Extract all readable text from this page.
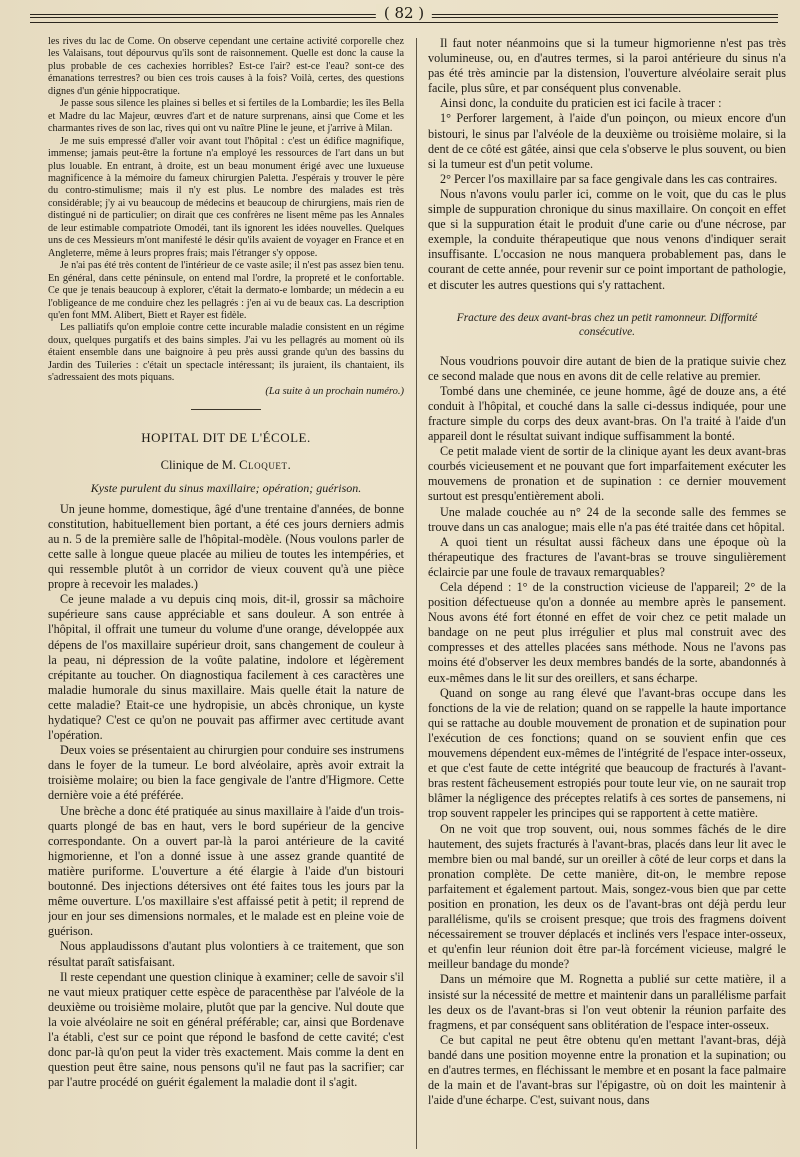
( 82 )

les rives du lac de Come. On observe cependant une certaine activité corporelle chez les Valaisans, tout dépourvus qu'ils sont de raisonnement. Quelle est donc la cause la plus probable de ces cachexies horribles? Est-ce l'air? est-ce l'eau? sont-ce des émanations terrestres? ou bien ces trois causes à la fois? Voilà, certes, des questions dignes d'un génie hippocratique.

Je passe sous silence les plaines si belles et si fertiles de la Lombardie; les îles Bella et Madre du lac Majeur, œuvres d'art et de nature surprenans, ainsi que Come et les charmantes rives de son lac, rives qui ont vu naître Pline le jeune, et j'arrive à Milan.

Je me suis empressé d'aller voir avant tout l'hôpital : c'est un édifice magnifique, immense; jamais peut-être la fortune n'a employé les ressources de l'art dans un but plus louable. En entrant, à droite, est un beau monument érigé avec une luxueuse magnificence à la mémoire du fameux chirurgien Paletta. J'espérais y trouver le père du contro-stimulisme; mais il n'y est plus. Le nombre des malades est très considérable; j'y ai vu beaucoup de médecins et beaucoup de chirurgiens, mais rien de distingué ni de particulier; on dirait que ces confrères ne lisent même pas les Annales de leur estimable compatriote Omodéi, tant ils ignorent les idées nouvelles. Quelques uns de ces Messieurs m'ont manifesté le désir qu'ils avaient de voyager en France et en Angleterre, même à leurs propres frais; mais l'étranger s'y oppose.

Je n'ai pas été très content de l'intérieur de ce vaste asile; il n'est pas assez bien tenu. En général, dans cette péninsule, on entend mal l'ordre, la propreté et le confortable. Ce que je tenais beaucoup à explorer, c'était la dermato-e lombarde; un médecin a eu l'obligeance de me conduire chez les pellagrés : j'en ai vu de beaux cas. La description qu'en font MM. Alibert, Biett et Rayer est fidèle.

Les palliatifs qu'on emploie contre cette incurable maladie consistent en un régime doux, quelques purgatifs et des bains simples. J'ai vu les pellagrés au moment où ils étaient ensemble dans une baignoire à peu près aussi grande qu'un des bassins du Jardin des Tuileries : c'était un spectacle intéressant; ils juraient, ils chantaient, ils s'adressaient des mots piquans.

(La suite à un prochain numéro.)
HOPITAL DIT DE L'ÉCOLE.
Clinique de M. Cloquet.
Kyste purulent du sinus maxillaire; opération; guérison.

Un jeune homme, domestique, âgé d'une trentaine d'années, de bonne constitution, habituellement bien portant, a été ces jours derniers admis au n. 5 de la première salle de l'hôpital-modèle. (Nous voulons parler de cette salle à longue queue placée au milieu de toutes les intempéries, et qui ressemble plutôt à un corridor de vieux couvent qu'à une pièce propre à recevoir les malades.)

Ce jeune malade a vu depuis cinq mois, dit-il, grossir sa mâchoire supérieure sans cause appréciable et sans douleur. A son entrée à l'hôpital, il offrait une tumeur du volume d'une orange, développée aux dépens de l'os maxillaire supérieur droit, sans changement de couleur à la peau, ni dépression de la voûte palatine, indolore et légèrement crépitante au toucher. On diagnostiqua facilement à ces caractères une maladie humorale du sinus maxillaire. Mais quelle était la nature de cette maladie? Etait-ce une hydropisie, un abcès chronique, un kyste hydatique? C'est ce qu'on ne pouvait pas affirmer avec certitude avant l'opération.

Deux voies se présentaient au chirurgien pour conduire ses instrumens dans le foyer de la tumeur. Le bord alvéolaire, après avoir extrait la troisième molaire; ou bien la face gengivale de l'antre d'Higmore. Cette dernière voie a été préférée.

Une brèche a donc été pratiquée au sinus maxillaire à l'aide d'un trois-quarts plongé de bas en haut, vers le bord supérieur de la gencive correspondante. On a ouvert par-là la paroi antérieure de la cavité higmorienne, et l'on a donné issue à une assez grande quantité de matière puriforme. L'ouverture a été élargie à l'aide d'un bistouri boutonné. Des injections détersives ont été faites tous les jours par la même ouverture. L'os maxillaire s'est affaissé petit à petit; il reprend de jour en jour ses dimensions normales, et le malade est en pleine voie de guérison.

Nous applaudissons d'autant plus volontiers à ce traitement, que son résultat paraît satisfaisant.

Il reste cependant une question clinique à examiner; celle de savoir s'il ne vaut mieux pratiquer cette espèce de paracenthèse par l'alvéole de la deuxième ou troisième molaire, plutôt que par la gencive. Nul doute que la voie alvéolaire ne soit en général préférable; car, ainsi que Bordenave l'a établi, c'est sur ce point que répond le basfond de cette cavité; c'est donc par-là qu'on peut la vider très exactement. Mais comme la dent en question peut être saine, nous pensons qu'il ne faut pas la sacrifier; car par l'autre procédé on guérit également la maladie dont il s'agit.

Il faut noter néanmoins que si la tumeur higmorienne n'est pas très volumineuse, ou, en d'autres termes, si la paroi antérieure du sinus n'a pas été très amincie par la distension, l'ouverture alvéolaire serait plus facile, plus sûre, et par conséquent plus convenable.

Ainsi donc, la conduite du praticien est ici facile à tracer :

1° Perforer largement, à l'aide d'un poinçon, ou mieux encore d'un bistouri, le sinus par l'alvéole de la deuxième ou troisième molaire, si la dent de ce côté est gâtée, ainsi que cela s'observe le plus souvent, ou bien si la tumeur est d'un petit volume.

2° Percer l'os maxillaire par sa face gengivale dans les cas contraires.

Nous n'avons voulu parler ici, comme on le voit, que du cas le plus simple de suppuration chronique du sinus maxillaire. On conçoit en effet que si la suppuration était le produit d'une carie ou d'une nécrose, par exemple, la conduite thérapeutique que nous venons d'indiquer serait insuffisante. L'occasion ne nous manquera probablement pas, dans le courant de cette année, pour revenir sur ce point important de pathologie, et discuter les autres questions qui s'y rattachent.

Fracture des deux avant-bras chez un petit ramonneur. Difformité consécutive.

Nous voudrions pouvoir dire autant de bien de la pratique suivie chez ce second malade que nous en avons dit de celle relative au premier.

Tombé dans une cheminée, ce jeune homme, âgé de douze ans, a été conduit à l'hôpital, et couché dans la salle ci-dessus indiquée, pour une fracture simple du corps des deux avant-bras. On l'a traité à l'aide d'un appareil dont le résultat suivant indique suffisamment la bonté.

Ce petit malade vient de sortir de la clinique ayant les deux avant-bras courbés vicieusement et ne pouvant que fort imparfaitement exécuter les mouvemens de pronation et de supination : ce dernier mouvement surtout est presqu'entièrement aboli.

Une malade couchée au n° 24 de la seconde salle des femmes se trouve dans un cas analogue; mais elle n'a pas été traitée dans cet hôpital.

A quoi tient un résultat aussi fâcheux dans une époque où la thérapeutique des fractures de l'avant-bras se trouve singulièrement éclaircie par une foule de travaux remarquables?

Cela dépend : 1° de la construction vicieuse de l'appareil; 2° de la position défectueuse qu'on a donnée au membre après le pansement. Nous avons été fort étonné en effet de voir chez ce petit malade un bandage on ne peut plus irrégulier et plus mal construit avec des compresses et des attelles placées sans méthode. Nous ne l'avons pas moins été d'observer les deux membres bandés de la sorte, abandonnés à eux-mêmes dans le lit sur des oreillers, et sans écharpe.

Quand on songe au rang élevé que l'avant-bras occupe dans les fonctions de la vie de relation; quand on se rappelle la haute importance qui se rattache au double mouvement de pronation et de supination pour l'exécution de ces fonctions; quand on se souvient enfin que ces mouvemens dépendent eux-mêmes de l'intégrité de l'espace inter-osseux, et que c'est faute de cette intégrité que beaucoup de fracturés à l'avant-bras restent fâcheusement estropiés pour toute leur vie, on ne saurait trop blâmer la négligence des préceptes relatifs à ces sortes de pansemens, ni trop souvent rappeler les principes qui se rapportent à cette matière.

On ne voit que trop souvent, oui, nous sommes fâchés de le dire hautement, des sujets fracturés à l'avant-bras, placés dans leur lit avec le membre bien ou mal bandé, sur un oreiller à côté de leur corps et dans la pronation complète. De cette manière, dit-on, le membre repose parfaitement et également partout. Mais, songez-vous bien que par cette position en pronation, les deux os de l'avant-bras ont déjà perdu leur parallélisme, qu'ils se croisent presque; que trois des fragmens doivent nécessairement se trouver déplacés et inclinés vers l'espace inter-osseux, et qu'enfin leur réunion doit être par-là forcément vicieuse, malgré le meilleur bandage du monde?

Dans un mémoire que M. Rognetta a publié sur cette matière, il a insisté sur la nécessité de mettre et maintenir dans un parallélisme parfait les deux os de l'avant-bras si l'on veut obtenir la réunion parfaite des fragmens, et par conséquent sans oblitération de l'espace inter-osseux.

Ce but capital ne peut être obtenu qu'en mettant l'avant-bras, déjà bandé dans une position moyenne entre la pronation et la supination; ou en d'autres termes, en fléchissant le membre et en posant la face palmaire de la main et de l'avant-bras sur l'épigastre, où on doit les maintenir à l'aide d'une écharpe. C'est, suivant nous, dans
